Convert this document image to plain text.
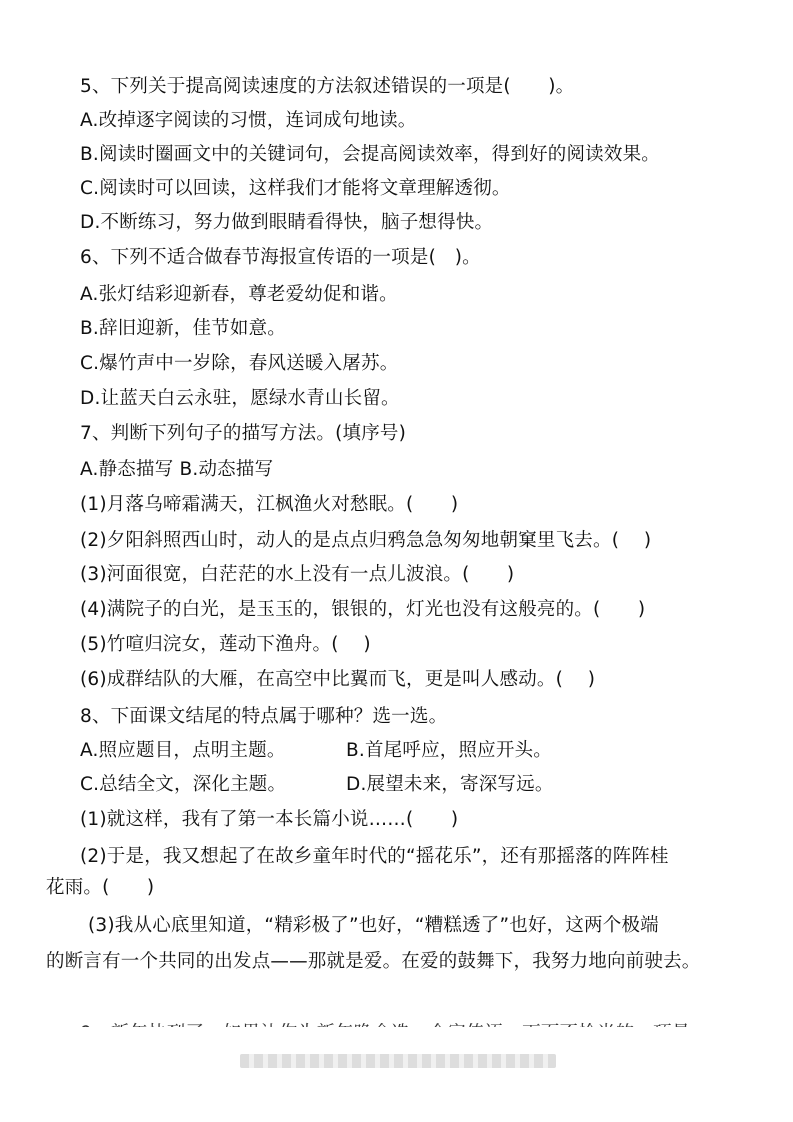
5、下列关于提高阅读速度的方法叙述错误的一项是(　　)。
A.改掉逐字阅读的习惯，连词成句地读。
B.阅读时圈画文中的关键词句，会提高阅读效率，得到好的阅读效果。
C.阅读时可以回读，这样我们才能将文章理解透彻。
D.不断练习，努力做到眼睛看得快，脑子想得快。
6、下列不适合做春节海报宣传语的一项是(　)。
A.张灯结彩迎新春，尊老爱幼促和谐。
B.辞旧迎新，佳节如意。
C.爆竹声中一岁除，春风送暖入屠苏。
D.让蓝天白云永驻，愿绿水青山长留。
7、判断下列句子的描写方法。(填序号)
A.静态描写 B.动态描写
(1)月落乌啼霜满天，江枫渔火对愁眠。(　　)
(2)夕阳斜照西山时，动人的是点点归鸦急急匆匆地朝窠里飞去。(　 )
(3)河面很宽，白茫茫的水上没有一点儿波浪。(　　)
(4)满院子的白光，是玉玉的，银银的，灯光也没有这般亮的。(　　)
(5)竹喧归浣女，莲动下渔舟。(　 )
(6)成群结队的大雁，在高空中比翼而飞，更是叫人感动。(　 )
8、下面课文结尾的特点属于哪种？选一选。
A.照应题目，点明主题。	B.首尾呼应，照应开头。
C.总结全文，深化主题。	D.展望未来，寄深写远。
(1)就这样，我有了第一本长篇小说……(　　)
(2)于是，我又想起了在故乡童年时代的“摇花乐”，还有那摇落的阵阵桂
花雨。(　　)
(3)我从心底里知道，“精彩极了”也好，“糟糕透了”也好，这两个极端
的断言有一个共同的出发点——那就是爱。在爱的鼓舞下，我努力地向前驶去。
